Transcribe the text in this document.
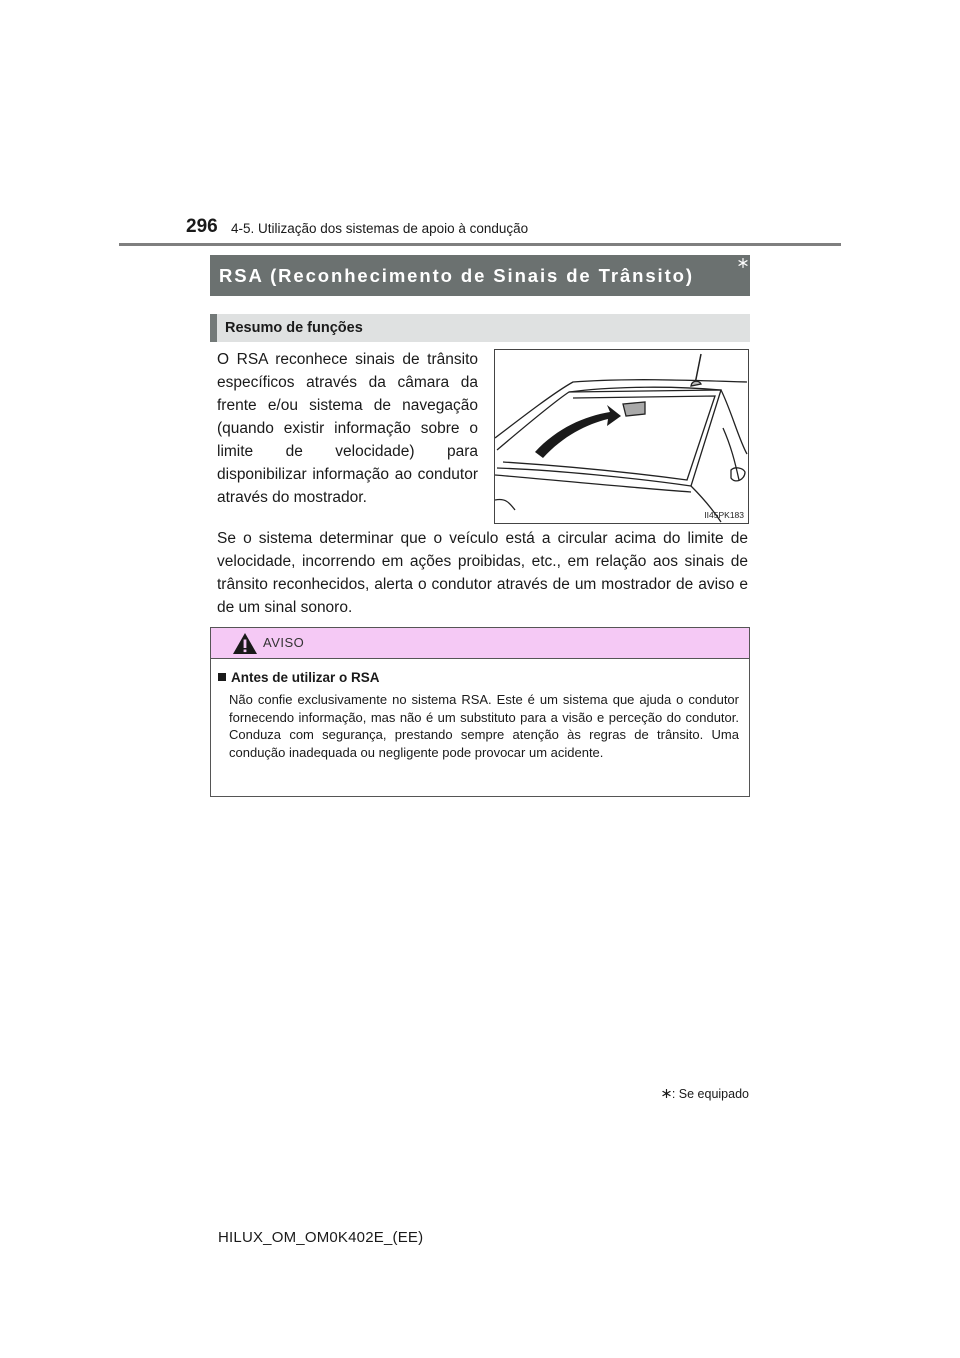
296 4-5. Utilização dos sistemas de apoio à condução
RSA (Reconhecimento de Sinais de Trânsito)
Resumo de funções

O RSA reconhece sinais de trânsito específicos através da câmara da frente e/ou sistema de navegação (quando existir informação sobre o limite de velocidade) para disponibilizar informação ao condutor através do mostrador.

II45PK183

Se o sistema determinar que o veículo está a circular acima do limite de velocidade, incorrendo em ações proibidas, etc., em relação aos sinais de trânsito reconhecidos, alerta o condutor através de um mostrador de aviso e de um sinal sonoro.

AVISO
Antes de utilizar o RSA

Não confie exclusivamente no sistema RSA. Este é um sistema que ajuda o condutor fornecendo informação, mas não é um substituto para a visão e perceção do condutor. Conduza com segurança, prestando sempre atenção às regras de trânsito. Uma condução inadequada ou negligente pode provocar um acidente.

: Se equipado
HILUX_OM_OM0K402E_(EE)
